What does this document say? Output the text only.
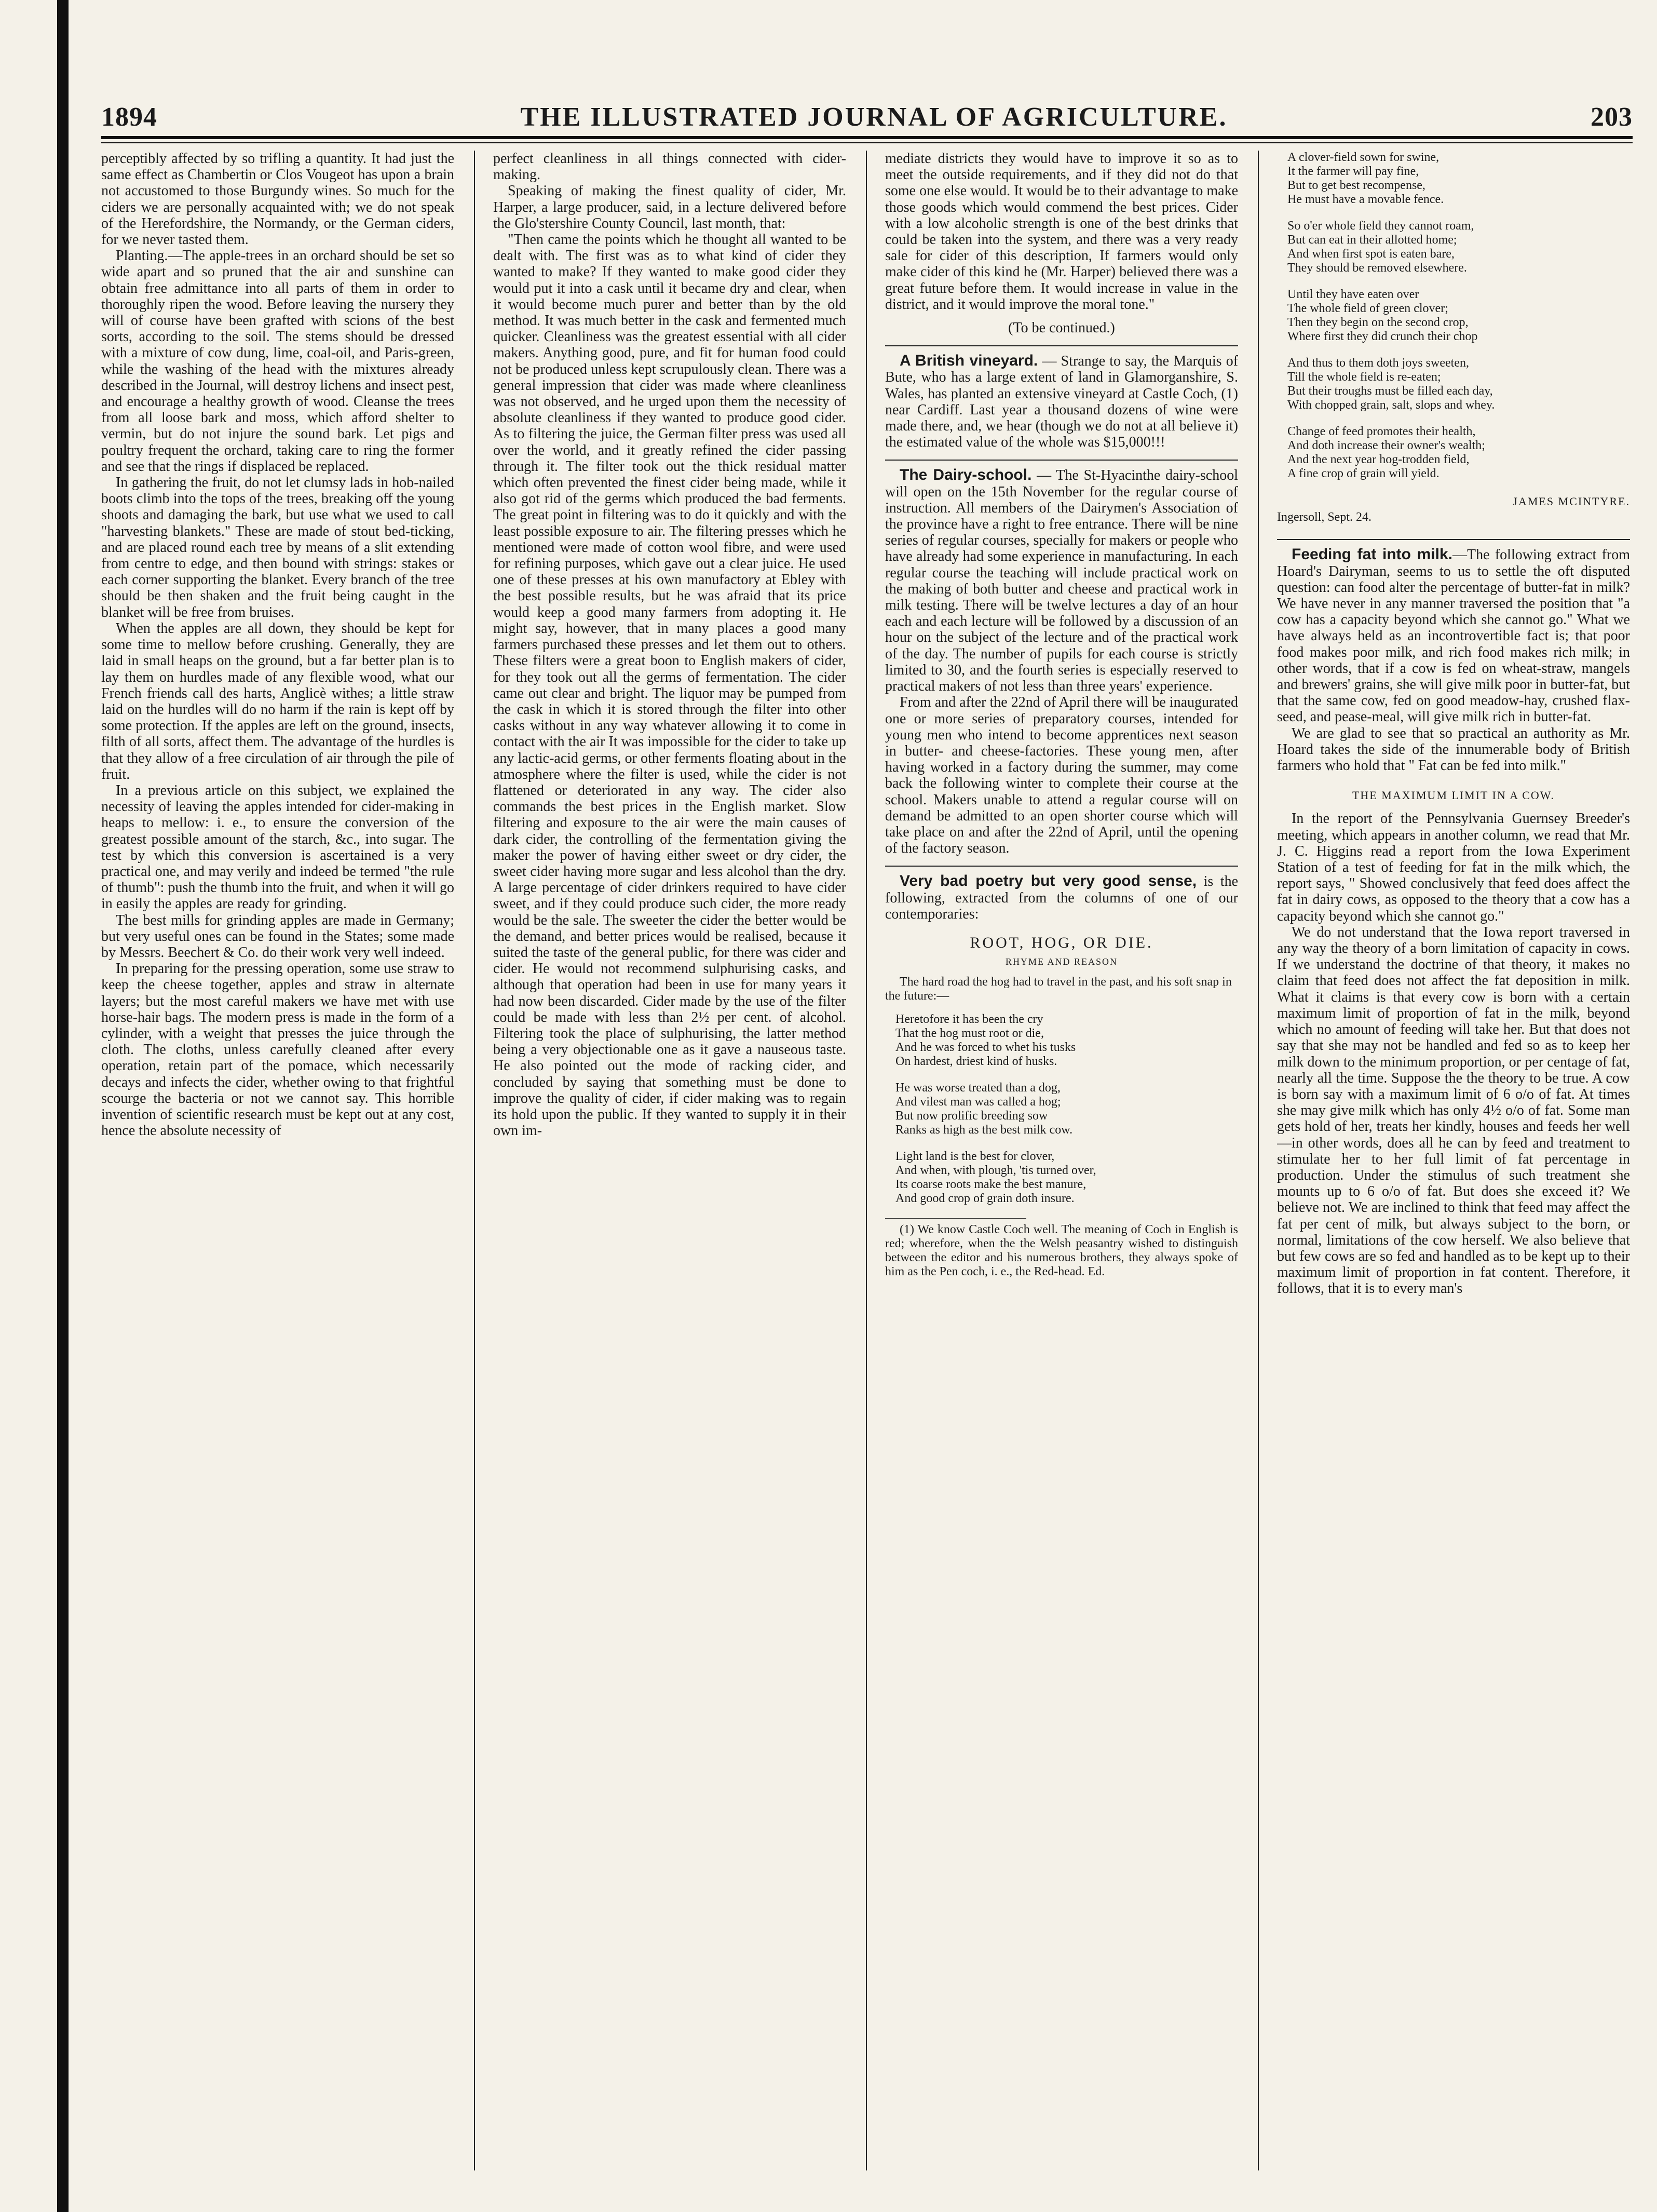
1894	THE ILLUSTRATED JOURNAL OF AGRICULTURE.	203

perceptibly affected by so trifling a quantity. It had just the same effect as Chambertin or Clos Vougeot has upon a brain not accustomed to those Burgundy wines. So much for the ciders we are personally acquainted with; we do not speak of the Herefordshire, the Normandy, or the German ciders, for we never tasted them.

Planting.—The apple-trees in an orchard should be set so wide apart and so pruned that the air and sunshine can obtain free admittance into all parts of them in order to thoroughly ripen the wood. Before leaving the nursery they will of course have been grafted with scions of the best sorts, according to the soil. The stems should be dressed with a mixture of cow dung, lime, coal-oil, and Paris-green, while the washing of the head with the mixtures already described in the Journal, will destroy lichens and insect pest, and encourage a healthy growth of wood. Cleanse the trees from all loose bark and moss, which afford shelter to vermin, but do not injure the sound bark. Let pigs and poultry frequent the orchard, taking care to ring the former and see that the rings if displaced be replaced.

In gathering the fruit, do not let clumsy lads in hob-nailed boots climb into the tops of the trees, breaking off the young shoots and damaging the bark, but use what we used to call "harvesting blankets." These are made of stout bed-ticking, and are placed round each tree by means of a slit extending from centre to edge, and then bound with strings: stakes or each corner supporting the blanket. Every branch of the tree should be then shaken and the fruit being caught in the blanket will be free from bruises.

When the apples are all down, they should be kept for some time to mellow before crushing. Generally, they are laid in small heaps on the ground, but a far better plan is to lay them on hurdles made of any flexible wood, what our French friends call des harts, Anglicè withes; a little straw laid on the hurdles will do no harm if the rain is kept off by some protection. If the apples are left on the ground, insects, filth of all sorts, affect them. The advantage of the hurdles is that they allow of a free circulation of air through the pile of fruit.

In a previous article on this subject, we explained the necessity of leaving the apples intended for cider-making in heaps to mellow: i. e., to ensure the conversion of the greatest possible amount of the starch, &c., into sugar. The test by which this conversion is ascertained is a very practical one, and may verily and indeed be termed "the rule of thumb": push the thumb into the fruit, and when it will go in easily the apples are ready for grinding.

The best mills for grinding apples are made in Germany; but very useful ones can be found in the States; some made by Messrs. Beechert & Co. do their work very well indeed.

In preparing for the pressing operation, some use straw to keep the cheese together, apples and straw in alternate layers; but the most careful makers we have met with use horse-hair bags. The modern press is made in the form of a cylinder, with a weight that presses the juice through the cloth. The cloths, unless carefully cleaned after every operation, retain part of the pomace, which necessarily decays and infects the cider, whether owing to that frightful scourge the bacteria or not we cannot say. This horrible invention of scientific research must be kept out at any cost, hence the absolute necessity of

perfect cleanliness in all things connected with cider-making.

Speaking of making the finest quality of cider, Mr. Harper, a large producer, said, in a lecture delivered before the Glo'stershire County Council, last month, that:

"Then came the points which he thought all wanted to be dealt with. The first was as to what kind of cider they wanted to make? If they wanted to make good cider they would put it into a cask until it became dry and clear, when it would become much purer and better than by the old method. It was much better in the cask and fermented much quicker. Cleanliness was the greatest essential with all cider makers. Anything good, pure, and fit for human food could not be produced unless kept scrupulously clean. There was a general impression that cider was made where cleanliness was not observed, and he urged upon them the necessity of absolute cleanliness if they wanted to produce good cider. As to filtering the juice, the German filter press was used all over the world, and it greatly refined the cider passing through it. The filter took out the thick residual matter which often prevented the finest cider being made, while it also got rid of the germs which produced the bad ferments. The great point in filtering was to do it quickly and with the least possible exposure to air. The filtering presses which he mentioned were made of cotton wool fibre, and were used for refining purposes, which gave out a clear juice. He used one of these presses at his own manufactory at Ebley with the best possible results, but he was afraid that its price would keep a good many farmers from adopting it. He might say, however, that in many places a good many farmers purchased these presses and let them out to others. These filters were a great boon to English makers of cider, for they took out all the germs of fermentation. The cider came out clear and bright. The liquor may be pumped from the cask in which it is stored through the filter into other casks without in any way whatever allowing it to come in contact with the air It was impossible for the cider to take up any lactic-acid germs, or other ferments floating about in the atmosphere where the filter is used, while the cider is not flattened or deteriorated in any way. The cider also commands the best prices in the English market. Slow filtering and exposure to the air were the main causes of dark cider, the controlling of the fermentation giving the maker the power of having either sweet or dry cider, the sweet cider having more sugar and less alcohol than the dry. A large percentage of cider drinkers required to have cider sweet, and if they could produce such cider, the more ready would be the sale. The sweeter the cider the better would be the demand, and better prices would be realised, because it suited the taste of the general public, for there was cider and cider. He would not recommend sulphurising casks, and although that operation had been in use for many years it had now been discarded. Cider made by the use of the filter could be made with less than 2½ per cent. of alcohol. Filtering took the place of sulphurising, the latter method being a very objectionable one as it gave a nauseous taste. He also pointed out the mode of racking cider, and concluded by saying that something must be done to improve the quality of cider, if cider making was to regain its hold upon the public. If they wanted to supply it in their own im-

mediate districts they would have to improve it so as to meet the outside requirements, and if they did not do that some one else would. It would be to their advantage to make those goods which would commend the best prices. Cider with a low alcoholic strength is one of the best drinks that could be taken into the system, and there was a very ready sale for cider of this description, If farmers would only make cider of this kind he (Mr. Harper) believed there was a great future before them. It would increase in value in the district, and it would improve the moral tone."

(To be continued.)

A British vineyard. — Strange to say, the Marquis of Bute, who has a large extent of land in Glamorganshire, S. Wales, has planted an extensive vineyard at Castle Coch, (1) near Cardiff. Last year a thousand dozens of wine were made there, and, we hear (though we do not at all believe it) the estimated value of the whole was $15,000!!!

The Dairy-school. — The St-Hyacinthe dairy-school will open on the 15th November for the regular course of instruction. All members of the Dairymen's Association of the province have a right to free entrance. There will be nine series of regular courses, specially for makers or people who have already had some experience in manufacturing. In each regular course the teaching will include practical work on the making of both butter and cheese and practical work in milk testing. There will be twelve lectures a day of an hour each and each lecture will be followed by a discussion of an hour on the subject of the lecture and of the practical work of the day. The number of pupils for each course is strictly limited to 30, and the fourth series is especially reserved to practical makers of not less than three years' experience.

From and after the 22nd of April there will be inaugurated one or more series of preparatory courses, intended for young men who intend to become apprentices next season in butter- and cheese-factories. These young men, after having worked in a factory during the summer, may come back the following winter to complete their course at the school. Makers unable to attend a regular course will on demand be admitted to an open shorter course which will take place on and after the 22nd of April, until the opening of the factory season.

Very bad poetry but very good sense, is the following, extracted from the columns of one of our contemporaries:

ROOT, HOG, OR DIE.
RHYME AND REASON

The hard road the hog had to travel in the past, and his soft snap in the future:—

Heretofore it has been the cry
That the hog must root or die,
And he was forced to whet his tusks
On hardest, driest kind of husks.
He was worse treated than a dog,
And vilest man was called a hog;
But now prolific breeding sow
Ranks as high as the best milk cow.
Light land is the best for clover,
And when, with plough, 'tis turned over,
Its coarse roots make the best manure,
And good crop of grain doth insure.

(1) We know Castle Coch well. The meaning of Coch in English is red; wherefore, when the the Welsh peasantry wished to distinguish between the editor and his numerous brothers, they always spoke of him as the Pen coch, i. e., the Red-head. Ed.

A clover-field sown for swine,
It the farmer will pay fine,
But to get best recompense,
He must have a movable fence.
So o'er whole field they cannot roam,
But can eat in their allotted home;
And when first spot is eaten bare,
They should be removed elsewhere.
Until they have eaten over
The whole field of green clover;
Then they begin on the second crop,
Where first they did crunch their chop
And thus to them doth joys sweeten,
Till the whole field is re-eaten;
But their troughs must be filled each day,
With chopped grain, salt, slops and whey.
Change of feed promotes their health,
And doth increase their owner's wealth;
And the next year hog-trodden field,
A fine crop of grain will yield.
JAMES MCINTYRE.
Ingersoll, Sept. 24.

Feeding fat into milk.—The following extract from Hoard's Dairyman, seems to us to settle the oft disputed question: can food alter the percentage of butter-fat in milk? We have never in any manner traversed the position that "a cow has a capacity beyond which she cannot go." What we have always held as an incontrovertible fact is; that poor food makes poor milk, and rich food makes rich milk; in other words, that if a cow is fed on wheat-straw, mangels and brewers' grains, she will give milk poor in butter-fat, but that the same cow, fed on good meadow-hay, crushed flax-seed, and pease-meal, will give milk rich in butter-fat.

We are glad to see that so practical an authority as Mr. Hoard takes the side of the innumerable body of British farmers who hold that " Fat can be fed into milk."

THE MAXIMUM LIMIT IN A COW.

In the report of the Pennsylvania Guernsey Breeder's meeting, which appears in another column, we read that Mr. J. C. Higgins read a report from the Iowa Experiment Station of a test of feeding for fat in the milk which, the report says, " Showed conclusively that feed does affect the fat in dairy cows, as opposed to the theory that a cow has a capacity beyond which she cannot go."

We do not understand that the Iowa report traversed in any way the theory of a born limitation of capacity in cows. If we understand the doctrine of that theory, it makes no claim that feed does not affect the fat deposition in milk. What it claims is that every cow is born with a certain maximum limit of proportion of fat in the milk, beyond which no amount of feeding will take her. But that does not say that she may not be handled and fed so as to keep her milk down to the minimum proportion, or per centage of fat, nearly all the time. Suppose the the theory to be true. A cow is born say with a maximum limit of 6 o/o of fat. At times she may give milk which has only 4½ o/o of fat. Some man gets hold of her, treats her kindly, houses and feeds her well—in other words, does all he can by feed and treatment to stimulate her to her full limit of fat percentage in production. Under the stimulus of such treatment she mounts up to 6 o/o of fat. But does she exceed it? We believe not. We are inclined to think that feed may affect the fat per cent of milk, but always subject to the born, or normal, limitations of the cow herself. We also believe that but few cows are so fed and handled as to be kept up to their maximum limit of proportion in fat content. Therefore, it follows, that it is to every man's
